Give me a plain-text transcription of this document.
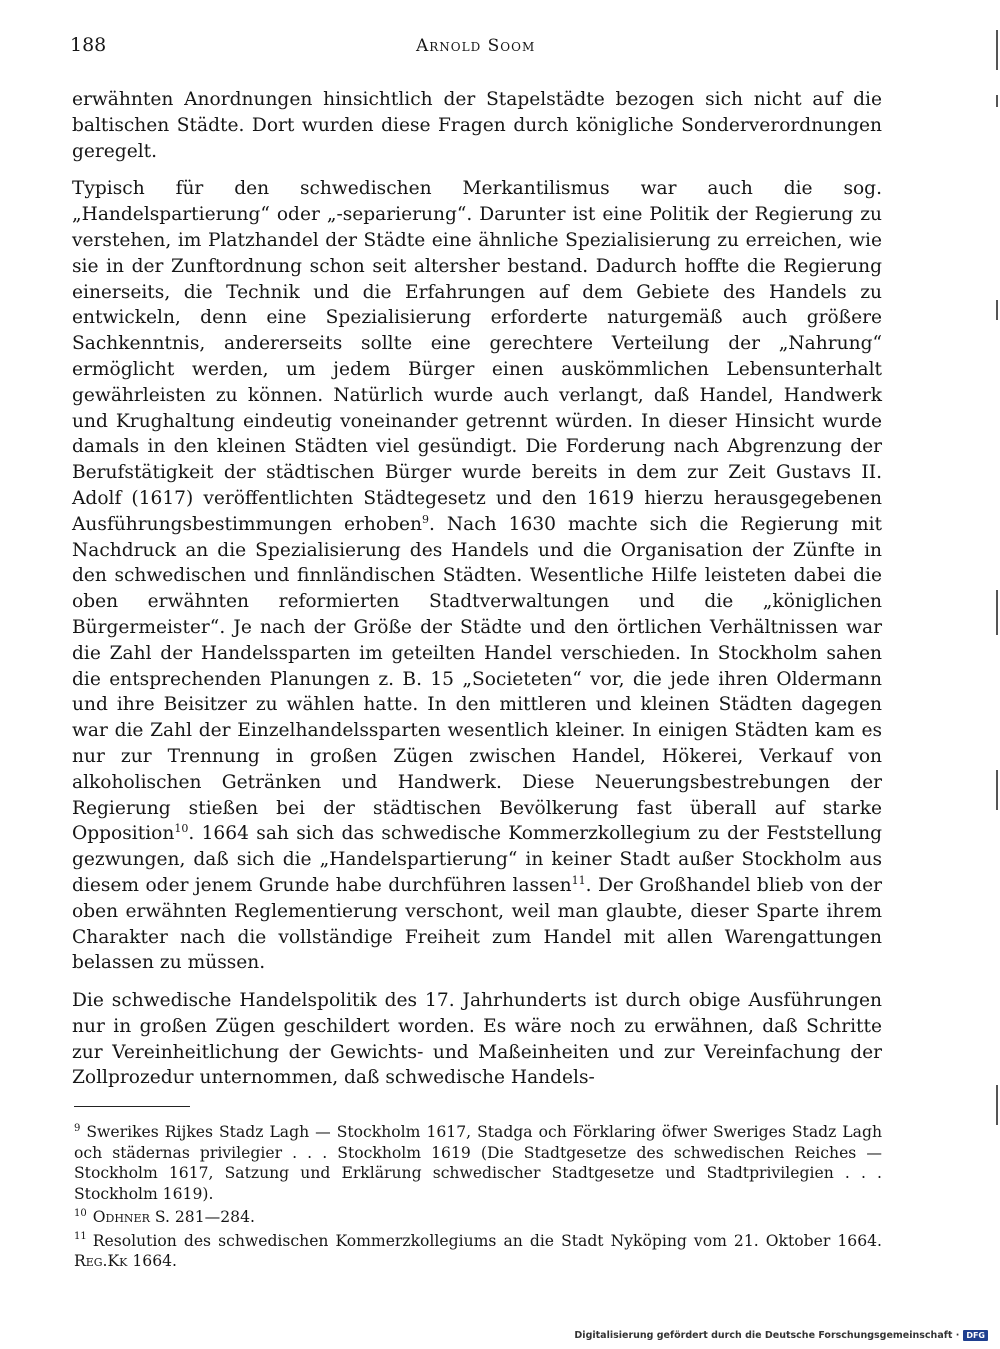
188	Arnold Soom

erwähnten Anordnungen hinsichtlich der Stapelstädte bezogen sich nicht auf die baltischen Städte. Dort wurden diese Fragen durch königliche Sonderverordnungen geregelt.

Typisch für den schwedischen Merkantilismus war auch die sog. „Handelspartierung“ oder „-separierung“. Darunter ist eine Politik der Regierung zu verstehen, im Platzhandel der Städte eine ähnliche Spezialisierung zu erreichen, wie sie in der Zunftordnung schon seit altersher bestand. Dadurch hoffte die Regierung einerseits, die Technik und die Erfahrungen auf dem Gebiete des Handels zu entwickeln, denn eine Spezialisierung erforderte naturgemäß auch größere Sachkenntnis, andererseits sollte eine gerechtere Verteilung der „Nahrung“ ermöglicht werden, um jedem Bürger einen auskömmlichen Lebensunterhalt gewährleisten zu können. Natürlich wurde auch verlangt, daß Handel, Handwerk und Krughaltung eindeutig voneinander getrennt würden. In dieser Hinsicht wurde damals in den kleinen Städten viel gesündigt. Die Forderung nach Abgrenzung der Berufstätigkeit der städtischen Bürger wurde bereits in dem zur Zeit Gustavs II. Adolf (1617) veröffentlichten Städtegesetz und den 1619 hierzu herausgegebenen Ausführungsbestimmungen erhoben$^9$. Nach 1630 machte sich die Regierung mit Nachdruck an die Spezialisierung des Handels und die Organisation der Zünfte in den schwedischen und finnländischen Städten. Wesentliche Hilfe leisteten dabei die oben erwähnten reformierten Stadtverwaltungen und die „königlichen Bürgermeister“. Je nach der Größe der Städte und den örtlichen Verhältnissen war die Zahl der Handelssparten im geteilten Handel verschieden. In Stockholm sahen die entsprechenden Planungen z. B. 15 „Societeten“ vor, die jede ihren Oldermann und ihre Beisitzer zu wählen hatte. In den mittleren und kleinen Städten dagegen war die Zahl der Einzelhandelssparten wesentlich kleiner. In einigen Städten kam es nur zur Trennung in großen Zügen zwischen Handel, Hökerei, Verkauf von alkoholischen Getränken und Handwerk. Diese Neuerungsbestrebungen der Regierung stießen bei der städtischen Bevölkerung fast überall auf starke Opposition$^{10}$. 1664 sah sich das schwedische Kommerzkollegium zu der Feststellung gezwungen, daß sich die „Handelspartierung“ in keiner Stadt außer Stockholm aus diesem oder jenem Grunde habe durchführen lassen$^{11}$. Der Großhandel blieb von der oben erwähnten Reglementierung verschont, weil man glaubte, dieser Sparte ihrem Charakter nach die vollständige Freiheit zum Handel mit allen Warengattungen belassen zu müssen.

Die schwedische Handelspolitik des 17. Jahrhunderts ist durch obige Ausführungen nur in großen Zügen geschildert worden. Es wäre noch zu erwähnen, daß Schritte zur Vereinheitlichung der Gewichts- und Maßeinheiten und zur Vereinfachung der Zollprozedur unternommen, daß schwedische Handels-

$^9$ Swerikes Rijkes Stadz Lagh — Stockholm 1617, Stadga och Förklaring öfwer Sweriges Stadz Lagh och städernas privilegier . . . Stockholm 1619 (Die Stadtgesetze des schwedischen Reiches — Stockholm 1617, Satzung und Erklärung schwedischer Stadtgesetze und Stadtprivilegien . . . Stockholm 1619).

$^{10}$ Odhner S. 281—284.

$^{11}$ Resolution des schwedischen Kommerzkollegiums an die Stadt Nyköping vom 21. Oktober 1664. Reg.Kk 1664.

Digitalisierung gefördert durch die Deutsche Forschungsgemeinschaft · DFG
